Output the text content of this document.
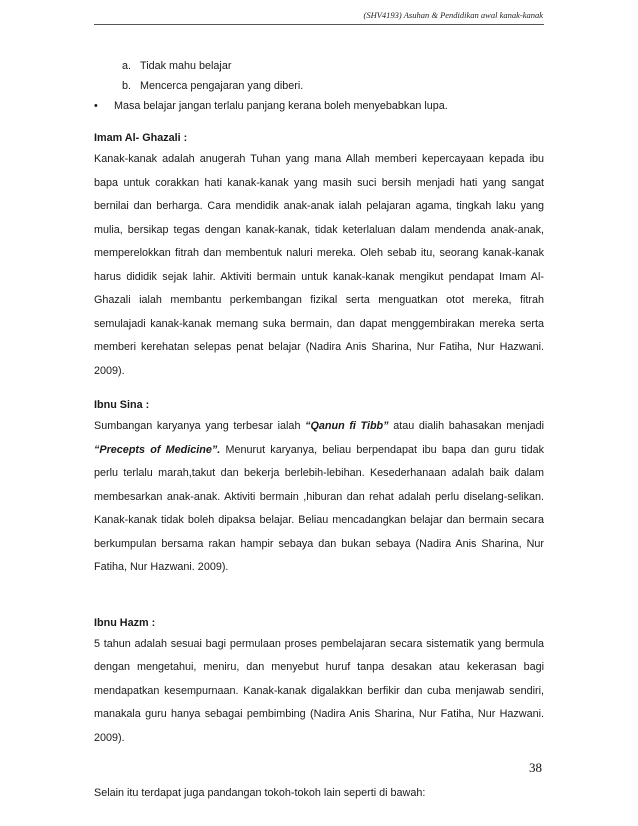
(SHV4193) Asuhan & Pendidikan awal kanak-kanak
a. Tidak mahu belajar
b. Mencerca pengajaran yang diberi.
• Masa belajar jangan terlalu panjang kerana boleh menyebabkan lupa.
Imam Al- Ghazali :

Kanak-kanak adalah anugerah Tuhan yang mana Allah memberi kepercayaan kepada ibu bapa untuk corakkan hati kanak-kanak yang masih suci bersih menjadi hati yang sangat bernilai dan berharga. Cara mendidik anak-anak ialah pelajaran agama, tingkah laku yang mulia, bersikap tegas dengan kanak-kanak, tidak keterlaluan dalam mendenda anak-anak, memperelokkan fitrah dan membentuk naluri mereka. Oleh sebab itu, seorang kanak-kanak harus dididik sejak lahir. Aktiviti bermain untuk kanak-kanak mengikut pendapat Imam Al-Ghazali ialah membantu perkembangan fizikal serta menguatkan otot mereka, fitrah semulajadi kanak-kanak memang suka bermain, dan dapat menggembirakan mereka serta memberi kerehatan selepas penat belajar (Nadira Anis Sharina, Nur Fatiha, Nur Hazwani. 2009).

Ibnu Sina :

Sumbangan karyanya yang terbesar ialah “Qanun fi Tibb” atau dialih bahasakan menjadi “Precepts of Medicine”. Menurut karyanya, beliau berpendapat ibu bapa dan guru tidak perlu terlalu marah,takut dan bekerja berlebih-lebihan. Kesederhanaan adalah baik dalam membesarkan anak-anak. Aktiviti bermain ,hiburan dan rehat adalah perlu diselang-selikan. Kanak-kanak tidak boleh dipaksa belajar. Beliau mencadangkan belajar dan bermain secara berkumpulan bersama rakan hampir sebaya dan bukan sebaya (Nadira Anis Sharina, Nur Fatiha, Nur Hazwani. 2009).

Ibnu Hazm :

5 tahun adalah sesuai bagi permulaan proses pembelajaran secara sistematik yang bermula dengan mengetahui, meniru, dan menyebut huruf tanpa desakan atau kekerasan bagi mendapatkan kesempurnaan. Kanak-kanak digalakkan berfikir dan cuba menjawab sendiri, manakala guru hanya sebagai pembimbing (Nadira Anis Sharina, Nur Fatiha, Nur Hazwani. 2009).

Selain itu terdapat juga pandangan tokoh-tokoh lain seperti di bawah:
38
